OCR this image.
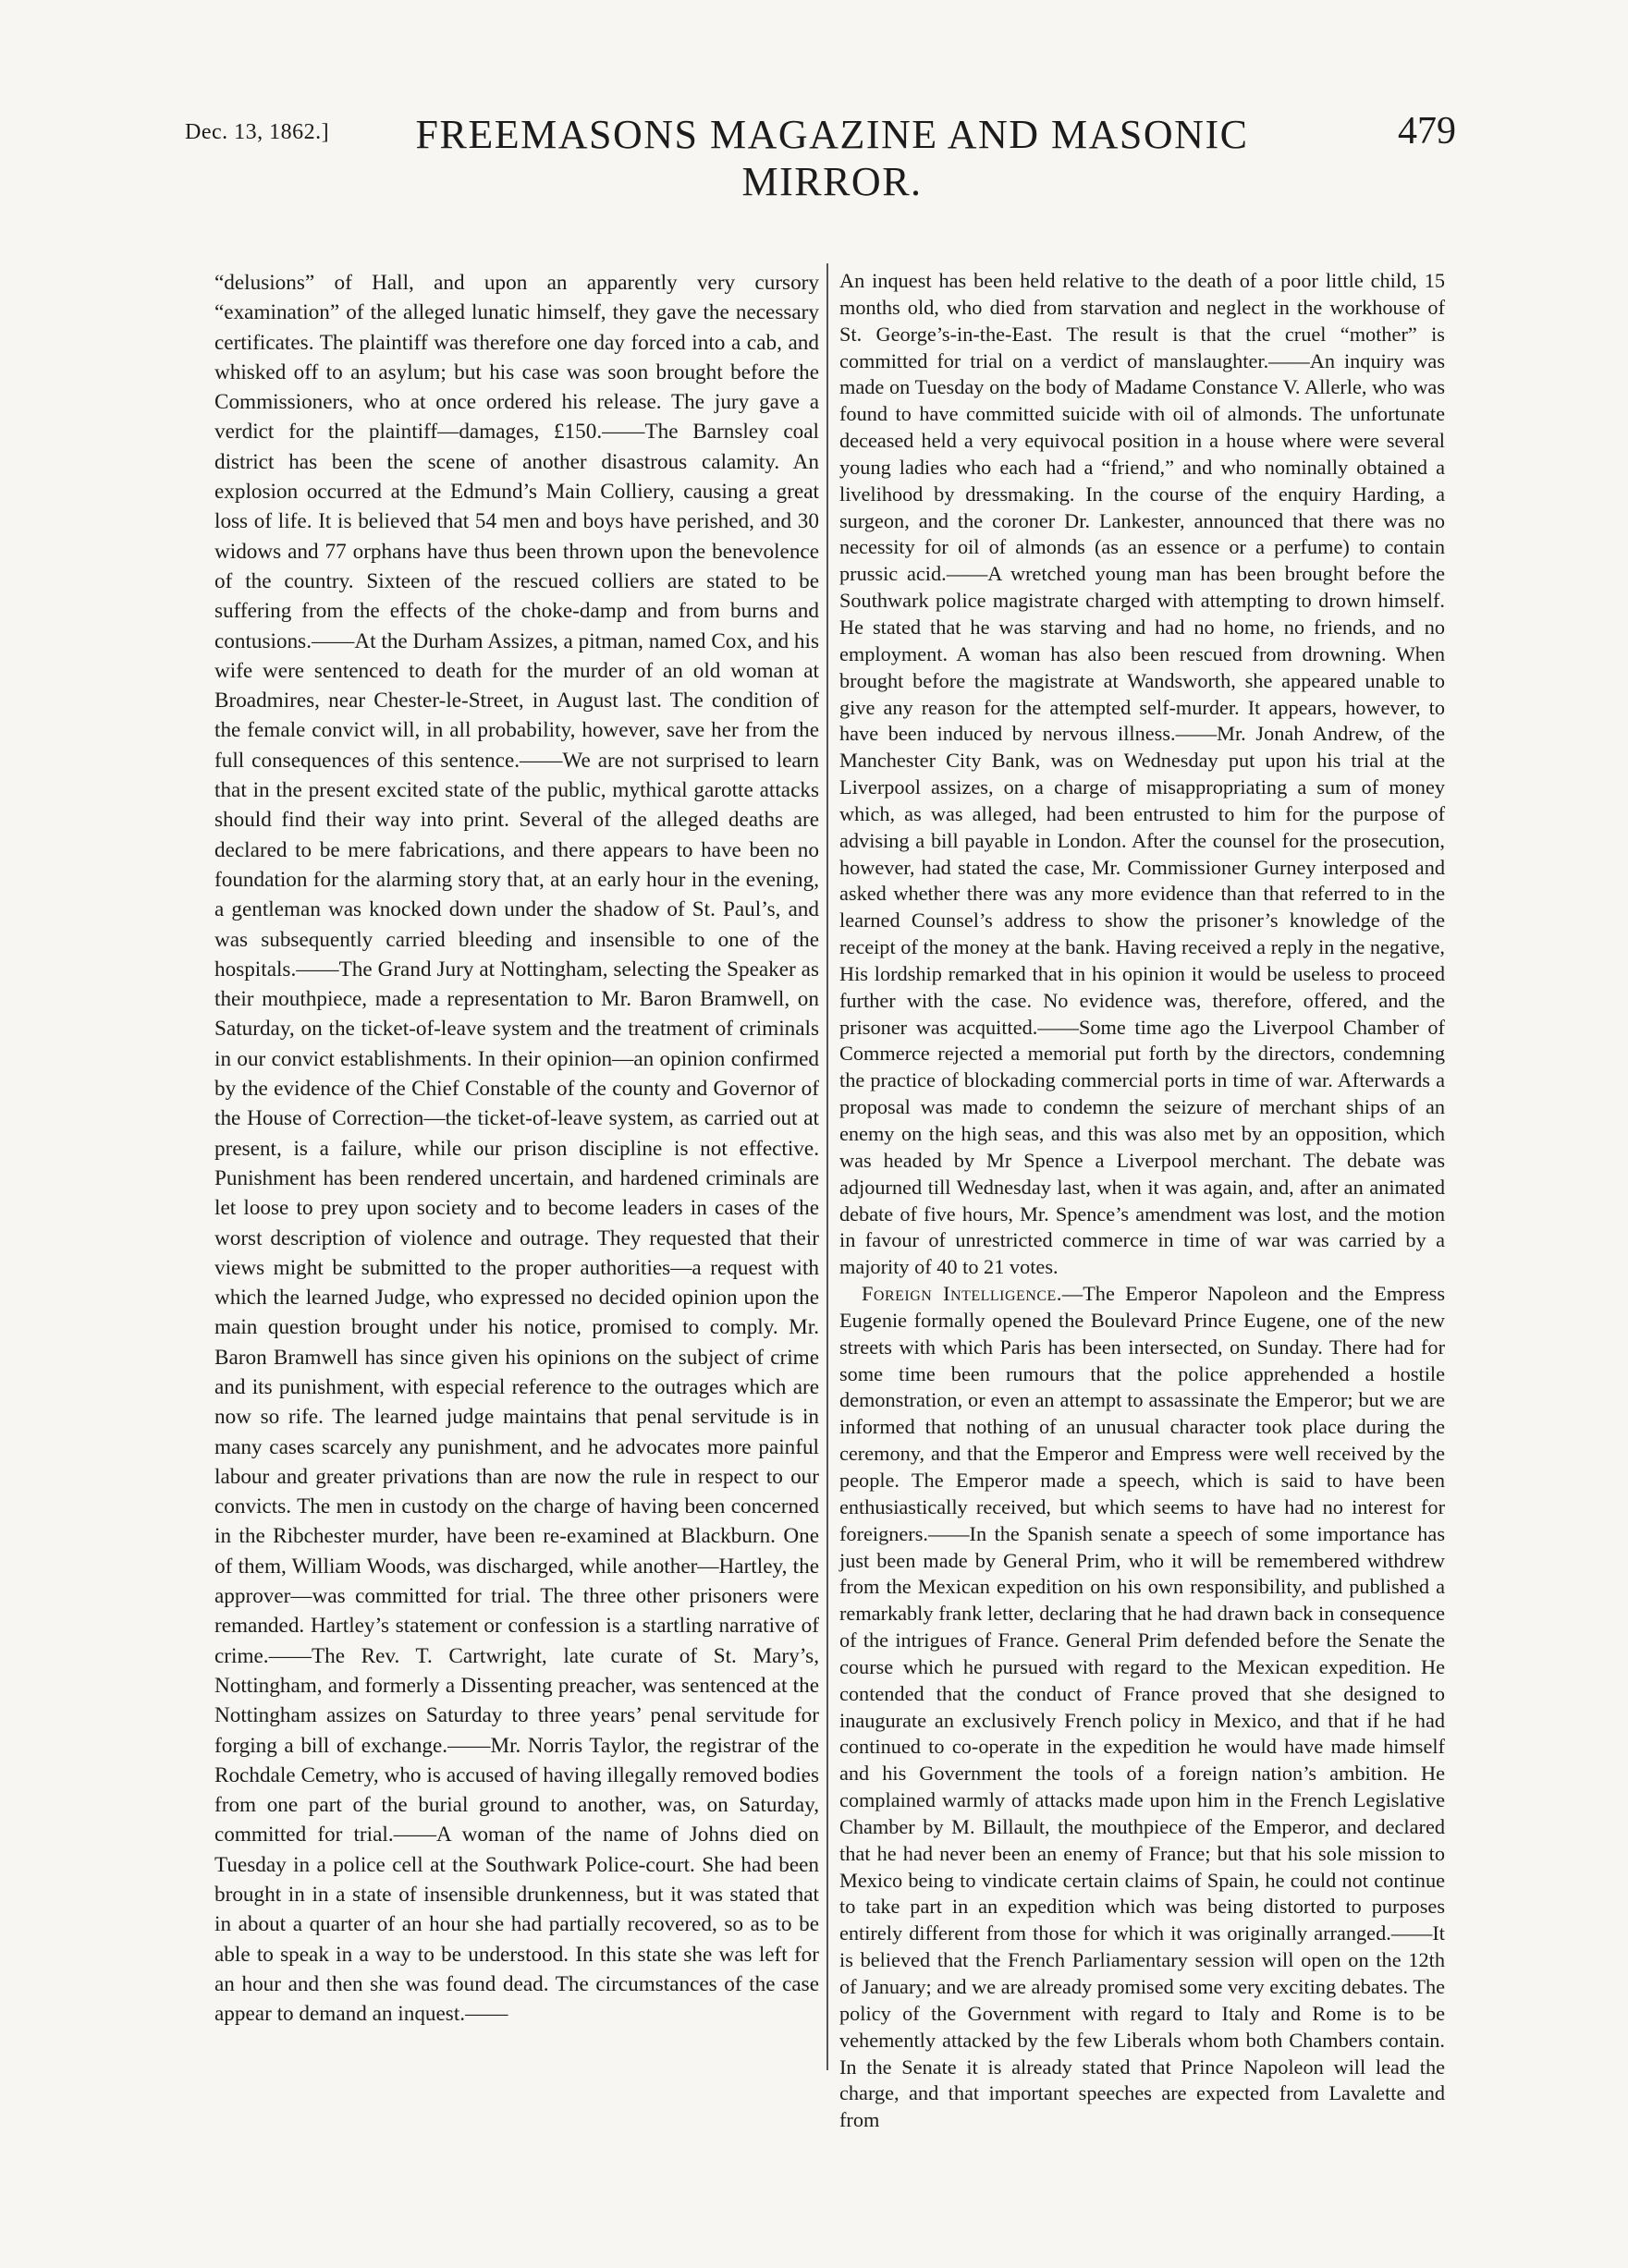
Dec. 13, 1862.]	FREEMASONS MAGAZINE AND MASONIC MIRROR.
479

“delusions” of Hall, and upon an apparently very cursory “examination” of the alleged lunatic himself, they gave the necessary certificates. The plaintiff was therefore one day forced into a cab, and whisked off to an asylum; but his case was soon brought before the Commissioners, who at once ordered his release. The jury gave a verdict for the plaintiff—damages, £150.——The Barnsley coal district has been the scene of another disastrous calamity. An explosion occurred at the Edmund’s Main Colliery, causing a great loss of life. It is believed that 54 men and boys have perished, and 30 widows and 77 orphans have thus been thrown upon the benevolence of the country. Sixteen of the rescued colliers are stated to be suffering from the effects of the choke-damp and from burns and contusions.——At the Durham Assizes, a pitman, named Cox, and his wife were sentenced to death for the murder of an old woman at Broadmires, near Chester-le-Street, in August last. The condition of the female convict will, in all probability, however, save her from the full consequences of this sentence.——We are not surprised to learn that in the present excited state of the public, mythical garotte attacks should find their way into print. Several of the alleged deaths are declared to be mere fabrications, and there appears to have been no foundation for the alarming story that, at an early hour in the evening, a gentleman was knocked down under the shadow of St. Paul’s, and was subsequently carried bleeding and insensible to one of the hospitals.——The Grand Jury at Nottingham, selecting the Speaker as their mouthpiece, made a representation to Mr. Baron Bramwell, on Saturday, on the ticket-of-leave system and the treatment of criminals in our convict establishments. In their opinion—an opinion confirmed by the evidence of the Chief Constable of the county and Governor of the House of Correction—the ticket-of-leave system, as carried out at present, is a failure, while our prison discipline is not effective. Punishment has been rendered uncertain, and hardened criminals are let loose to prey upon society and to become leaders in cases of the worst description of violence and outrage. They requested that their views might be submitted to the proper authorities—a request with which the learned Judge, who expressed no decided opinion upon the main question brought under his notice, promised to comply. Mr. Baron Bramwell has since given his opinions on the subject of crime and its punishment, with especial reference to the outrages which are now so rife. The learned judge maintains that penal servitude is in many cases scarcely any punishment, and he advocates more painful labour and greater privations than are now the rule in respect to our convicts. The men in custody on the charge of having been concerned in the Ribchester murder, have been re-examined at Blackburn. One of them, William Woods, was discharged, while another—Hartley, the approver—was committed for trial. The three other prisoners were remanded. Hartley’s statement or confession is a startling narrative of crime.——The Rev. T. Cartwright, late curate of St. Mary’s, Nottingham, and formerly a Dissenting preacher, was sentenced at the Nottingham assizes on Saturday to three years’ penal servitude for forging a bill of exchange.——Mr. Norris Taylor, the registrar of the Rochdale Cemetry, who is accused of having illegally removed bodies from one part of the burial ground to another, was, on Saturday, committed for trial.——A woman of the name of Johns died on Tuesday in a police cell at the Southwark Police-court. She had been brought in in a state of insensible drunkenness, but it was stated that in about a quarter of an hour she had partially recovered, so as to be able to speak in a way to be understood. In this state she was left for an hour and then she was found dead. The circumstances of the case appear to demand an inquest.——

An inquest has been held relative to the death of a poor little child, 15 months old, who died from starvation and neglect in the workhouse of St. George’s-in-the-East. The result is that the cruel “mother” is committed for trial on a verdict of manslaughter.——An inquiry was made on Tuesday on the body of Madame Constance V. Allerle, who was found to have committed suicide with oil of almonds. The unfortunate deceased held a very equivocal position in a house where were several young ladies who each had a “friend,” and who nominally obtained a livelihood by dressmaking. In the course of the enquiry Harding, a surgeon, and the coroner Dr. Lankester, announced that there was no necessity for oil of almonds (as an essence or a perfume) to contain prussic acid.——A wretched young man has been brought before the Southwark police magistrate charged with attempting to drown himself. He stated that he was starving and had no home, no friends, and no employment. A woman has also been rescued from drowning. When brought before the magistrate at Wandsworth, she appeared unable to give any reason for the attempted self-murder. It appears, however, to have been induced by nervous illness.——Mr. Jonah Andrew, of the Manchester City Bank, was on Wednesday put upon his trial at the Liverpool assizes, on a charge of misappropriating a sum of money which, as was alleged, had been entrusted to him for the purpose of advising a bill payable in London. After the counsel for the prosecution, however, had stated the case, Mr. Commissioner Gurney interposed and asked whether there was any more evidence than that referred to in the learned Counsel’s address to show the prisoner’s knowledge of the receipt of the money at the bank. Having received a reply in the negative, His lordship remarked that in his opinion it would be useless to proceed further with the case. No evidence was, therefore, offered, and the prisoner was acquitted.——Some time ago the Liverpool Chamber of Commerce rejected a memorial put forth by the directors, condemning the practice of blockading commercial ports in time of war. Afterwards a proposal was made to condemn the seizure of merchant ships of an enemy on the high seas, and this was also met by an opposition, which was headed by Mr Spence a Liverpool merchant. The debate was adjourned till Wednesday last, when it was again, and, after an animated debate of five hours, Mr. Spence’s amendment was lost, and the motion in favour of unrestricted commerce in time of war was carried by a majority of 40 to 21 votes.

Foreign Intelligence.—The Emperor Napoleon and the Empress Eugenie formally opened the Boulevard Prince Eugene, one of the new streets with which Paris has been intersected, on Sunday. There had for some time been rumours that the police apprehended a hostile demonstration, or even an attempt to assassinate the Emperor; but we are informed that nothing of an unusual character took place during the ceremony, and that the Emperor and Empress were well received by the people. The Emperor made a speech, which is said to have been enthusiastically received, but which seems to have had no interest for foreigners.——In the Spanish senate a speech of some importance has just been made by General Prim, who it will be remembered withdrew from the Mexican expedition on his own responsibility, and published a remarkably frank letter, declaring that he had drawn back in consequence of the intrigues of France. General Prim defended before the Senate the course which he pursued with regard to the Mexican expedition. He contended that the conduct of France proved that she designed to inaugurate an exclusively French policy in Mexico, and that if he had continued to co-operate in the expedition he would have made himself and his Government the tools of a foreign nation’s ambition. He complained warmly of attacks made upon him in the French Legislative Chamber by M. Billault, the mouthpiece of the Emperor, and declared that he had never been an enemy of France; but that his sole mission to Mexico being to vindicate certain claims of Spain, he could not continue to take part in an expedition which was being distorted to purposes entirely different from those for which it was originally arranged.——It is believed that the French Parliamentary session will open on the 12th of January; and we are already promised some very exciting debates. The policy of the Government with regard to Italy and Rome is to be vehemently attacked by the few Liberals whom both Chambers contain. In the Senate it is already stated that Prince Napoleon will lead the charge, and that important speeches are expected from Lavalette and from
